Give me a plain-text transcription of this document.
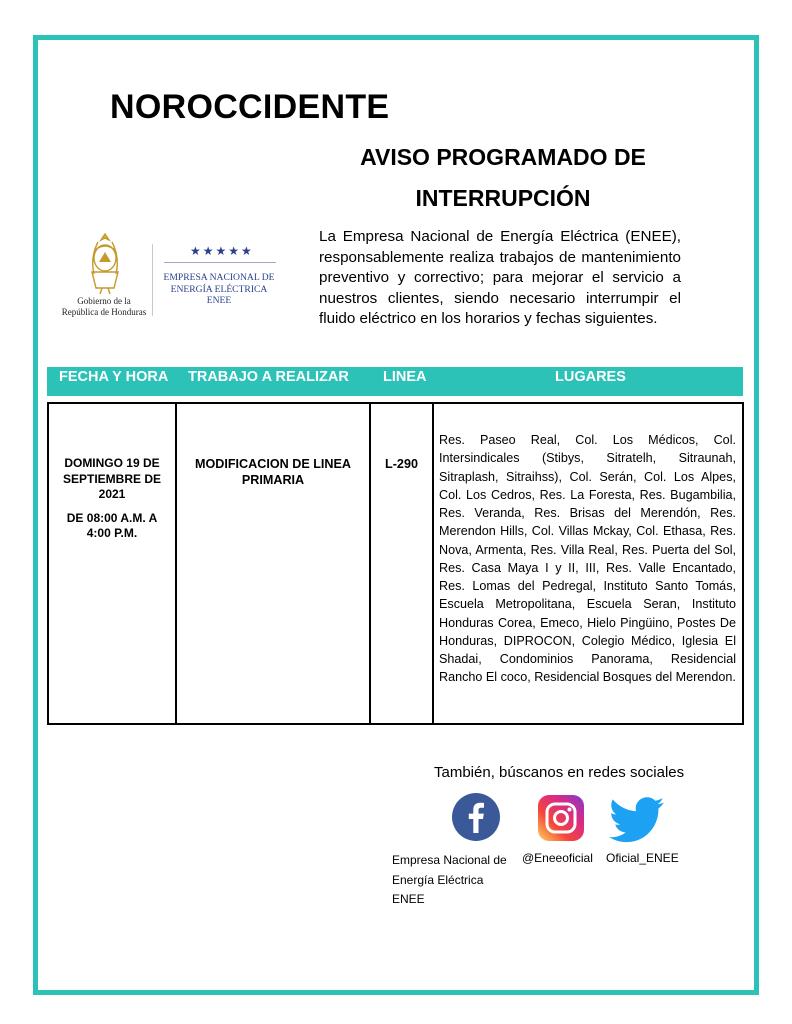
NOROCCIDENTE
AVISO PROGRAMADO DE
INTERRUPCIÓN
Gobierno de la
República de Honduras
★★★★★
EMPRESA NACIONAL DE
ENERGÍA ELÉCTRICA
ENEE
La Empresa Nacional de Energía Eléctrica (ENEE), responsablemente realiza trabajos de mantenimiento preventivo y correctivo; para mejorar el servicio a nuestros clientes, siendo necesario interrumpir el fluido eléctrico en los horarios y fechas siguientes.
FECHA Y HORA TRABAJO A REALIZAR LINEA	LUGARES
DOMINGO 19 DE SEPTIEMBRE DE 2021
DE 08:00 A.M. A 4:00 P.M.
MODIFICACION DE LINEA PRIMARIA
L-290
Res. Paseo Real, Col. Los Médicos, Col. Intersindicales (Stibys, Sitratelh, Sitraunah, Sitraplash, Sitraihss), Col. Serán, Col. Los Alpes, Col. Los Cedros, Res. La Foresta, Res. Bugambilia, Res. Veranda, Res. Brisas del Merendón, Res. Merendon Hills, Col. Villas Mckay, Col. Ethasa, Res. Nova, Armenta, Res. Villa Real, Res. Puerta del Sol, Res. Casa Maya I y II, III, Res. Valle Encantado, Res. Lomas del Pedregal, Instituto Santo Tomás, Escuela Metropolitana, Escuela Seran, Instituto Honduras Corea, Emeco, Hielo Pingüino, Postes De Honduras, DIPROCON, Colegio Médico, Iglesia El Shadai, Condominios Panorama, Residencial Rancho El coco, Residencial Bosques del Merendon.
También, búscanos en redes sociales
Empresa Nacional de
Energía Eléctrica
ENEE
@Eneeoficial Oficial_ENEE
